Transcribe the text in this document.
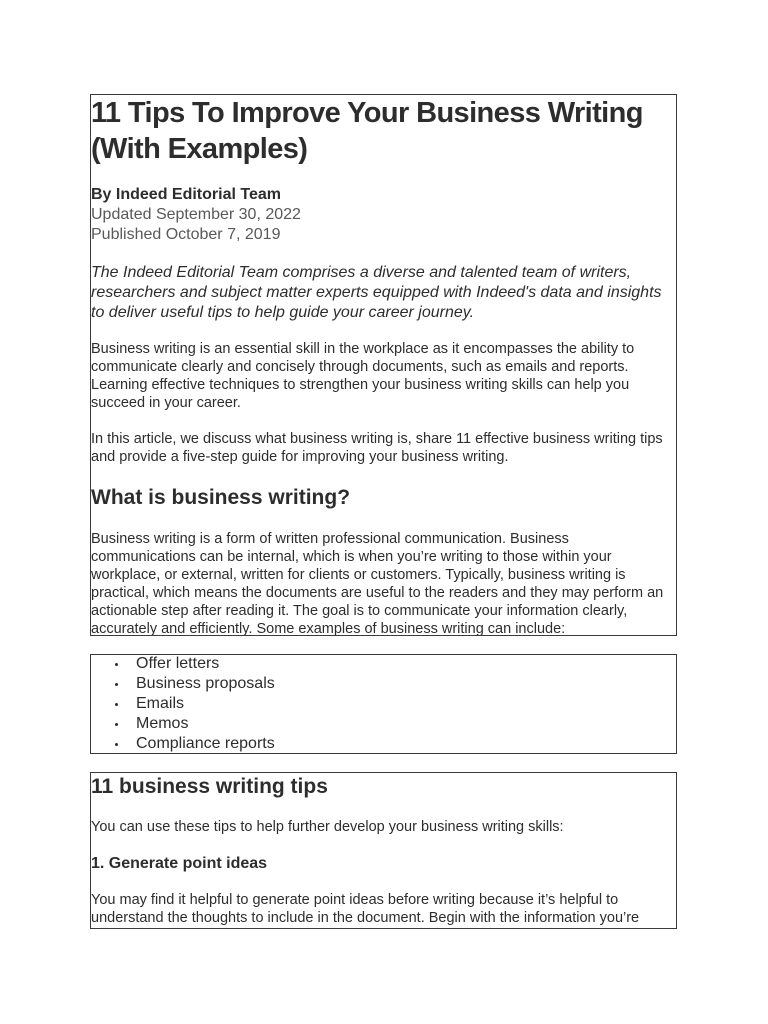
11 Tips To Improve Your Business Writing (With Examples)

By Indeed Editorial Team

Updated September 30, 2022

Published October 7, 2019

The Indeed Editorial Team comprises a diverse and talented team of writers, researchers and subject matter experts equipped with Indeed's data and insights to deliver useful tips to help guide your career journey.

Business writing is an essential skill in the workplace as it encompasses the ability to communicate clearly and concisely through documents, such as emails and reports. Learning effective techniques to strengthen your business writing skills can help you succeed in your career.

In this article, we discuss what business writing is, share 11 effective business writing tips and provide a five-step guide for improving your business writing.

What is business writing?

Business writing is a form of written professional communication. Business communications can be internal, which is when you’re writing to those within your workplace, or external, written for clients or customers. Typically, business writing is practical, which means the documents are useful to the readers and they may perform an actionable step after reading it. The goal is to communicate your information clearly, accurately and efficiently. Some examples of business writing can include:

Offer letters
Business proposals
Emails
Memos
Compliance reports
11 business writing tips

You can use these tips to help further develop your business writing skills:

1. Generate point ideas

You may find it helpful to generate point ideas before writing because it’s helpful to understand the thoughts to include in the document. Begin with the information you’re
